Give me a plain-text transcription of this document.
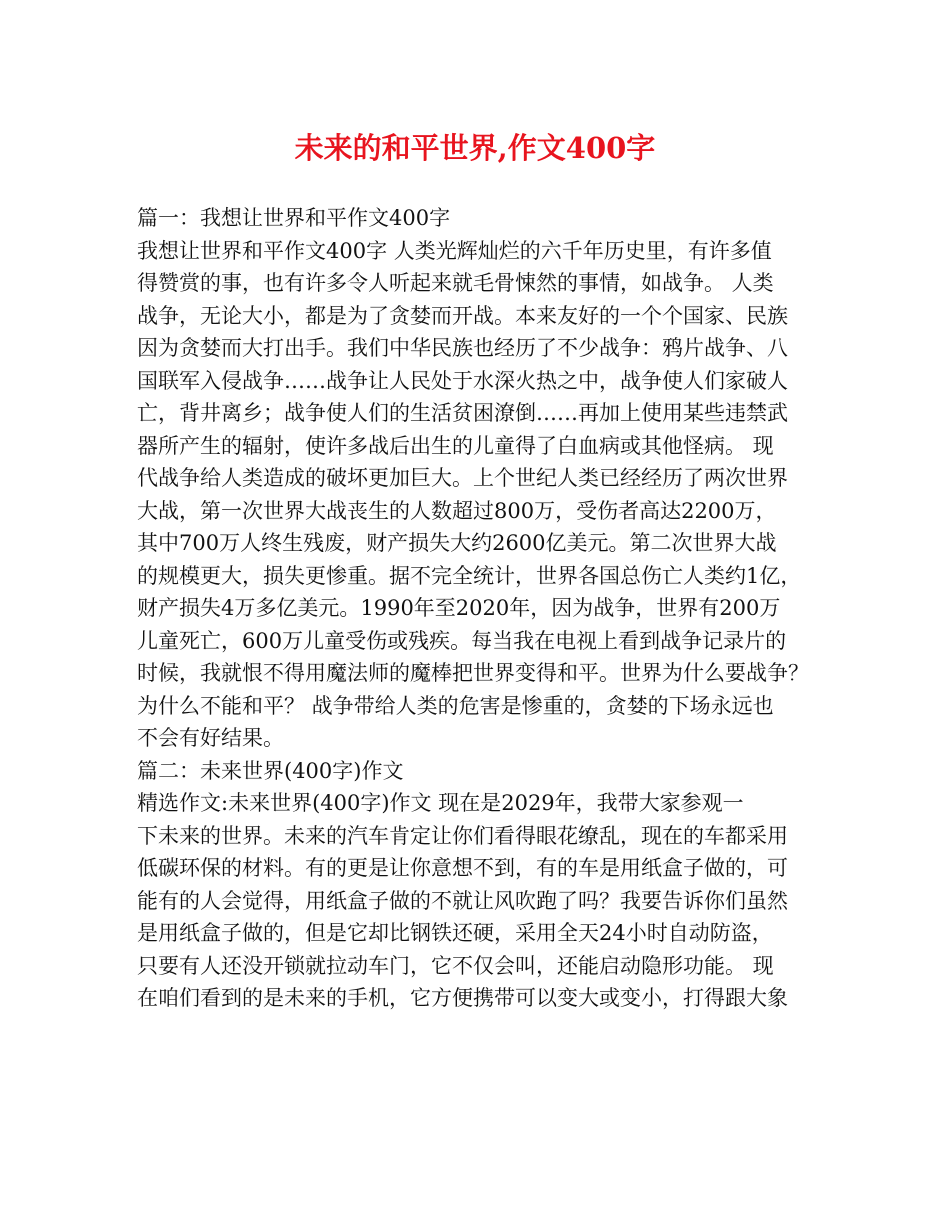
未来的和平世界,作文400字
篇一：我想让世界和平作文400字
我想让世界和平作文400字 人类光辉灿烂的六千年历史里，有许多值
得赞赏的事，也有许多令人听起来就毛骨悚然的事情，如战争。 人类
战争，无论大小，都是为了贪婪而开战。本来友好的一个个国家、民族
因为贪婪而大打出手。我们中华民族也经历了不少战争：鸦片战争、八
国联军入侵战争……战争让人民处于水深火热之中，战争使人们家破人
亡，背井离乡；战争使人们的生活贫困潦倒……再加上使用某些违禁武
器所产生的辐射，使许多战后出生的儿童得了白血病或其他怪病。 现
代战争给人类造成的破坏更加巨大。上个世纪人类已经经历了两次世界
大战，第一次世界大战丧生的人数超过800万，受伤者高达2200万，
其中700万人终生残废，财产损失大约2600亿美元。第二次世界大战
的规模更大，损失更惨重。据不完全统计，世界各国总伤亡人类约1亿，
财产损失4万多亿美元。1990年至2020年，因为战争，世界有200万
儿童死亡，600万儿童受伤或残疾。每当我在电视上看到战争记录片的
时候，我就恨不得用魔法师的魔棒把世界变得和平。世界为什么要战争？
为什么不能和平？ 战争带给人类的危害是惨重的，贪婪的下场永远也
不会有好结果。
篇二：未来世界(400字)作文
精选作文:未来世界(400字)作文 现在是2029年，我带大家参观一
下未来的世界。未来的汽车肯定让你们看得眼花缭乱，现在的车都采用
低碳环保的材料。有的更是让你意想不到，有的车是用纸盒子做的，可
能有的人会觉得，用纸盒子做的不就让风吹跑了吗？我要告诉你们虽然
是用纸盒子做的，但是它却比钢铁还硬，采用全天24小时自动防盗，
只要有人还没开锁就拉动车门，它不仅会叫，还能启动隐形功能。 现
在咱们看到的是未来的手机，它方便携带可以变大或变小，打得跟大象
